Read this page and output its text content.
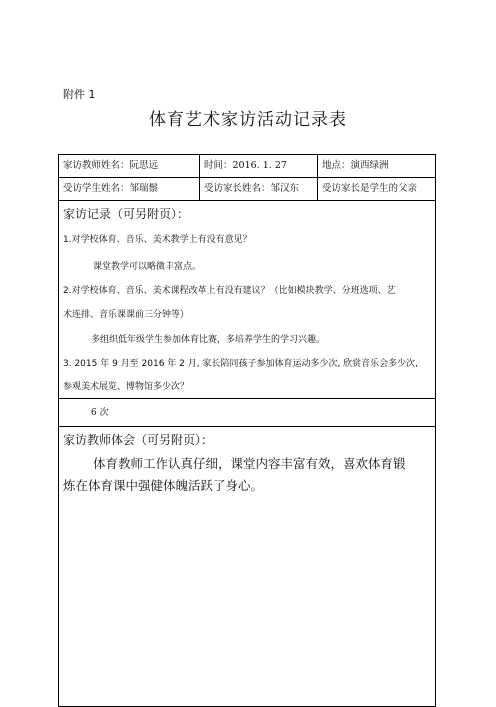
附件 1
体育艺术家访活动记录表
家访教师姓名：阮思远	时间：2016. 1. 27	地点：演西绿洲
受访学生姓名：邹瑞鬃	受访家长姓名：邹汉东	受访家长是学生的父亲
家访记录（可另附页）：
1.对学校体育、音乐、美术教学上有没有意见？
课堂教学可以略微丰富点。
2.对学校体育、音乐、美术课程改革上有没有建议？（比如模块教学、分班选项、艺
术连排、音乐课课前三分钟等）
多组织低年级学生参加体育比赛，多培养学生的学习兴趣。
3. 2015 年 9 月至 2016 年 2 月, 家长陪同孩子参加体育运动多少次, 欣赏音乐会多少次,
参观美术展览、博物馆多少次？
6 次
家访教师体会（可另附页）：
体育教师工作认真仔细，课堂内容丰富有效，喜欢体育锻
炼在体育课中强健体魄活跃了身心。
